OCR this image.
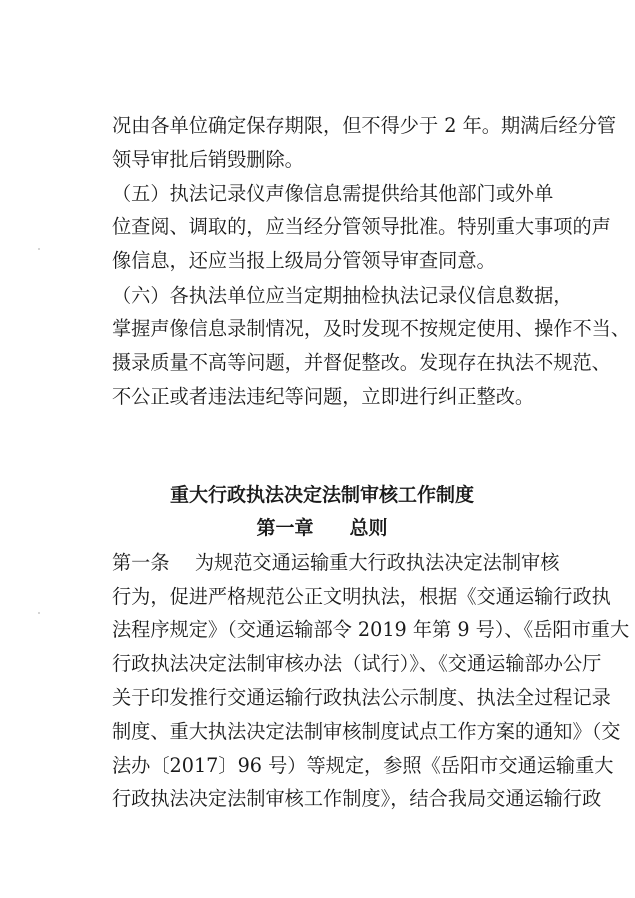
况由各单位确定保存期限，但不得少于 2 年。期满后经分管
领导审批后销毁删除。
（五）执法记录仪声像信息需提供给其他部门或外单
位查阅、调取的，应当经分管领导批准。特别重大事项的声
像信息，还应当报上级局分管领导审查同意。
（六）各执法单位应当定期抽检执法记录仪信息数据，
掌握声像信息录制情况，及时发现不按规定使用、操作不当、
摄录质量不高等问题，并督促整改。发现存在执法不规范、
不公正或者违法违纪等问题，立即进行纠正整改。
重大行政执法决定法制审核工作制度
第一章 总则
第一条　 为规范交通运输重大行政执法决定法制审核
行为，促进严格规范公正文明执法，根据《交通运输行政执
法程序规定》（交通运输部令 2019 年第 9 号）、《岳阳市重大
行政执法决定法制审核办法（试行）》、《交通运输部办公厅
关于印发推行交通运输行政执法公示制度、执法全过程记录
制度、重大执法决定法制审核制度试点工作方案的通知》（交
法办〔2017〕96 号）等规定，参照《岳阳市交通运输重大
行政执法决定法制审核工作制度》，结合我局交通运输行政
